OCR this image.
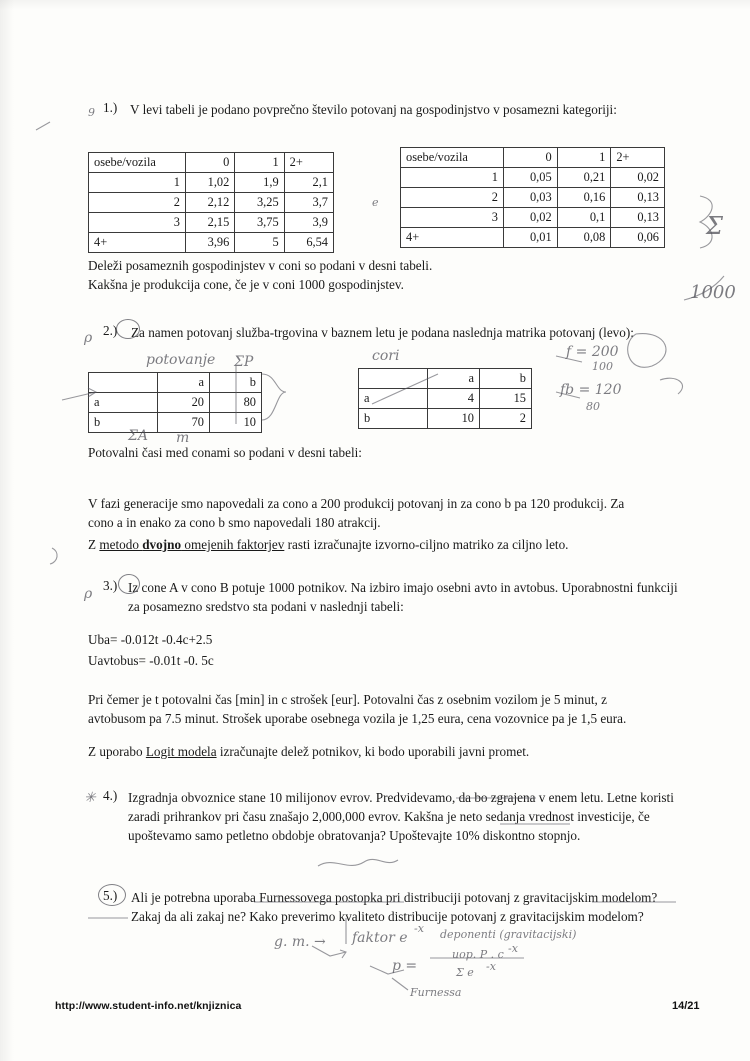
1.) V levi tabeli je podano povprečno število potovanj na gospodinjstvo v posamezni kategoriji:
osebe/vozila	0	1	2+
1	1,02	1,9	2,1
2	2,12	3,25	3,7
3	2,15	3,75	3,9
4+	3,96	5	6,54
osebe/vozila	0	1	2+
1	0,05	0,21	0,02
2	0,03	0,16	0,13
3	0,02	0,1	0,13
4+	0,01	0,08	0,06
Deleži posameznih gospodinjstev v coni so podani v desni tabeli.
Kakšna je produkcija cone, če je v coni 1000 gospodinjstev.
2.) Za namen potovanj služba-trgovina v baznem letu je podana naslednja matrika potovanj (levo):
	a	b
a	20	80
b	70	10
	a	b
a	4	15
b	10	2
Potovalni časi med conami so podani v desni tabeli:
V fazi generacije smo napovedali za cono a 200 produkcij potovanj in za cono b pa 120 produkcij. Za cono a in enako za cono b smo napovedali 180 atrakcij.
Z metodo dvojno omejenih faktorjev rasti izračunajte izvorno-ciljno matriko za ciljno leto.
3.) Iz cone A v cono B potuje 1000 potnikov. Na izbiro imajo osebni avto in avtobus. Uporabnostni funkciji za posamezno sredstvo sta podani v naslednji tabeli:
Uba= -0.012t -0.4c+2.5
Uavtobus= -0.01t -0. 5c
Pri čemer je t potovalni čas [min] in c strošek [eur]. Potovalni čas z osebnim vozilom je 5 minut, z avtobusom pa 7.5 minut. Strošek uporabe osebnega vozila je 1,25 eura, cena vozovnice pa je 1,5 eura.
Z uporabo Logit modela izračunajte delež potnikov, ki bodo uporabili javni promet.
4.) Izgradnja obvoznice stane 10 milijonov evrov. Predvidevamo, da bo zgrajena v enem letu. Letne koristi zaradi prihrankov pri času znašajo 2,000,000 evrov. Kakšna je neto sedanja vrednost investicije, če upoštevamo samo petletno obdobje obratovanja? Upoštevajte 10% diskontno stopnjo.
5.) Ali je potrebna uporaba Furnessovega postopka pri distribuciji potovanj z gravitacijskim modelom? Zakaj da ali zakaj ne? Kako preverimo kvaliteto distribucije potovanj z gravitacijskim modelom?
potovanje ΣP	cori
ΣA m
f = 200
100
fb = 120
80
1000
Σ
g. m. → faktor e
-x deponenti (gravitacijski)
p =
uop. P . c -x
Σ e -x
Furnessa
ρ
ρ
✳
9
e
http://www.student-info.net/knjiznica	14/21
